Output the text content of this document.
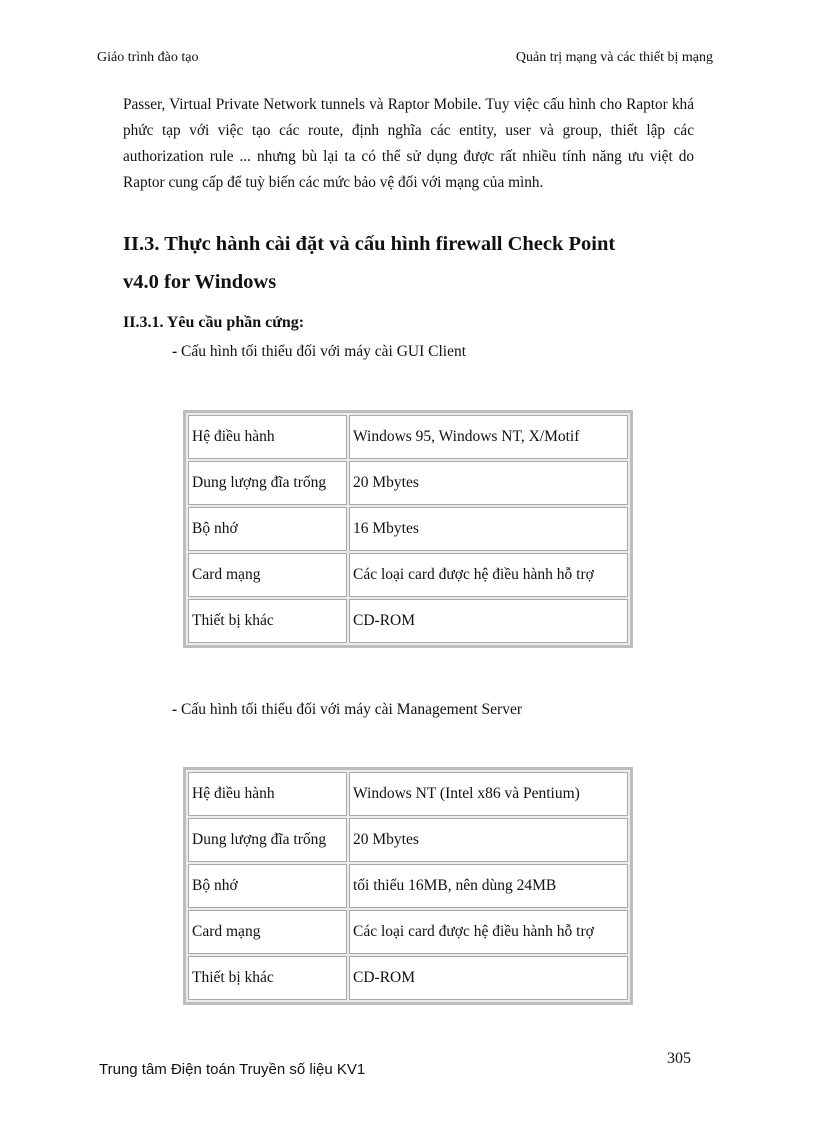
Giáo trình đào tạo	Quản trị mạng và các thiết bị mạng

Passer, Virtual Private Network tunnels và Raptor Mobile. Tuy việc cấu hình cho Raptor khá phức tạp với việc tạo các route, định nghĩa các entity, user và group, thiết lập các authorization rule ... nhưng bù lại ta có thể sử dụng được rất nhiều tính năng ưu việt do Raptor cung cấp để tuỳ biến các mức bảo vệ đối với mạng của mình.

II.3. Thực hành cài đặt và cấu hình firewall Check Point
v4.0 for Windows
II.3.1. Yêu cầu phần cứng:

- Cấu hình tối thiểu đối với máy cài GUI Client

Hệ điều hành	Windows 95, Windows NT, X/Motif
Dung lượng đĩa trống	20 Mbytes
Bộ nhớ	16 Mbytes
Card mạng	Các loại card được hệ điều hành hỗ trợ
Thiết bị khác	CD-ROM

- Cấu hình tối thiểu đối với máy cài Management Server

Hệ điều hành	Windows NT (Intel x86 và Pentium)
Dung lượng đĩa trống	20 Mbytes
Bộ nhớ	tối thiểu 16MB, nên dùng 24MB
Card mạng	Các loại card được hệ điều hành hỗ trợ
Thiết bị khác	CD-ROM
305
Trung tâm Điện toán Truyền số liệu KV1
